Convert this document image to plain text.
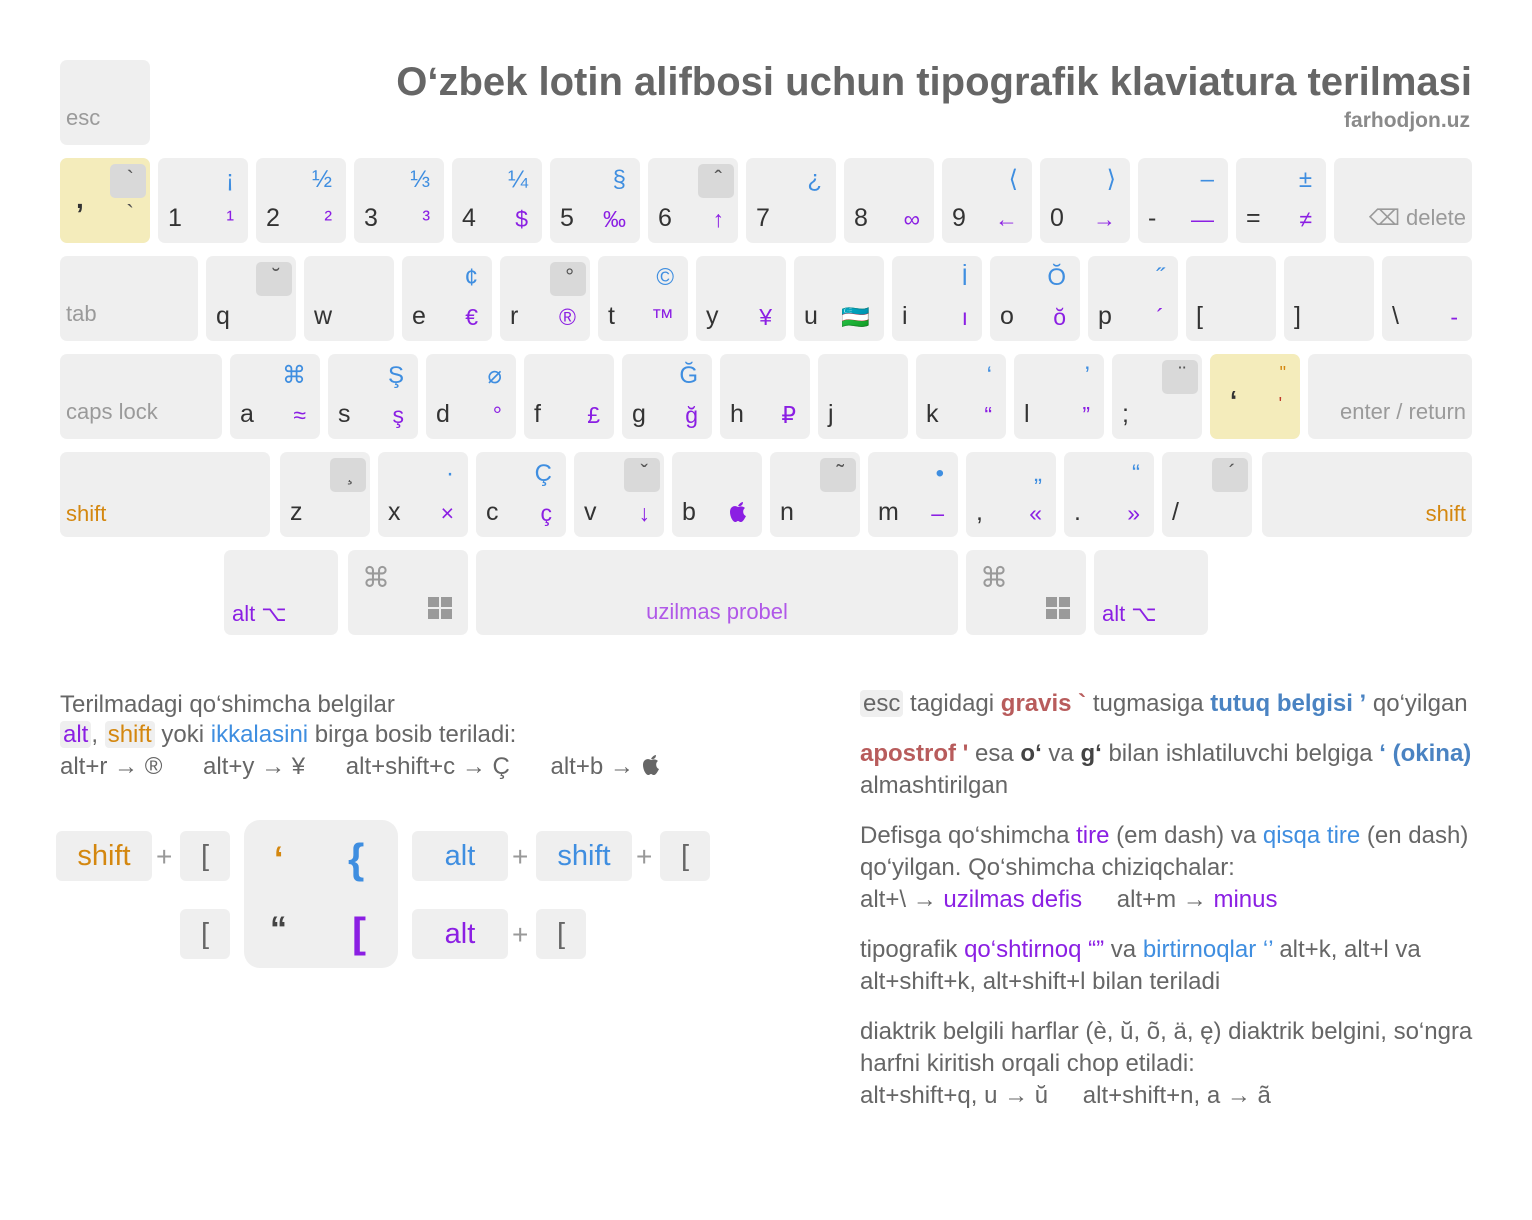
O‘zbek lotin alifbosi uchun tipografik klaviatura terilmasi
farhodjon.uz
esc
⌫ delete
tab
caps lock	enter / return
shift	shift
alt ⌥
⌘
uzilmas probel
⌘
alt ⌥
`
, `
¡
1 ¹
½
2 ²
⅓
3 ³
¼
4 $
§
5 ‰
ˆ
6 ↑
¿
7	8 ∞
⟨
9 ←
⟩
0 →
–
- —
±
= ≠
˘
q	w
¢
e €
°
r ®
©
t ™ y ¥ u 🇺🇿
İ
i ı
Ŏ
o ŏ
˝
p ´ [	]	\ -
⌘
a ≈
Ş
s ş
⌀
d ° f £
Ğ
g ğ h ₽ j
‘
k “
’
l ”
¨
;
"
‘ '
¸
z
·
x ×
Ç
c ç
ˇ
v ↓ b
˜
n
•
m –
„
, «
“
. »
´
/
Terilmadagi qo‘shimcha belgilar
alt , shift yoki ikkalasini birga bosib teriladi:
alt+r → ® alt+y → ¥ alt+shift+c → Ç alt+b →
‘ {
“ [
shift + [
[
alt	+	shift + [
alt	+ [

esc tagidagi gravis ` tugmasiga tutuq belgisi ’ qo‘yilgan

apostrof ' esa o‘ va g‘ bilan ishlatiluvchi belgiga ‘ (okina) almashtirilgan

Defisga qo‘shimcha tire (em dash) va qisqa tire (en dash) qo‘yilgan. Qo‘shimcha chiziqchalar:
alt+\ → uzilmas defis alt+m → minus

tipografik qo‘shtirnoq “” va birtirnoqlar ‘’ alt+k, alt+l va alt+shift+k, alt+shift+l bilan teriladi

diaktrik belgili harflar (è, ŭ, õ, ä, ę) diaktrik belgini, so‘ngra harfni kiritish orqali chop etiladi:
alt+shift+q, u → ŭ alt+shift+n, a → ã
